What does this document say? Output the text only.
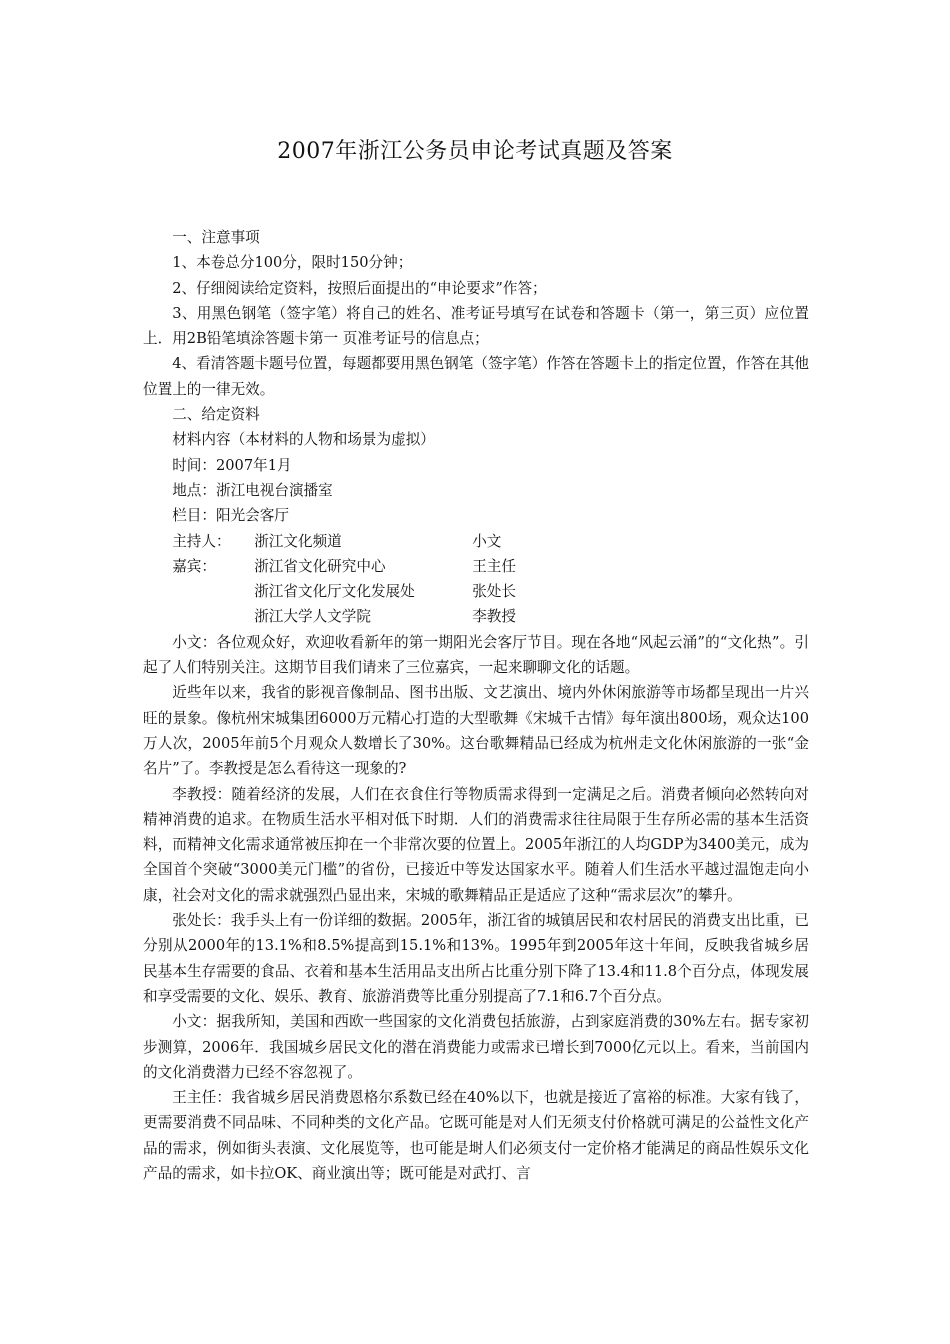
2007年浙江公务员申论考试真题及答案

一、注意事项

1、本卷总分100分，限时150分钟；

2、仔细阅读给定资料，按照后面提出的“申论要求”作答；

3、用黑色钢笔（签字笔）将自己的姓名、准考证号填写在试卷和答题卡（第一，第三页）应位置上．用2B铅笔填涂答题卡第一 页准考证号的信息点；

4、看清答题卡题号位置，每题都要用黑色钢笔（签字笔）作答在答题卡上的指定位置，作答在其他位置上的一律无效。

二、给定资料

材料内容（本材料的人物和场景为虚拟）

时间：2007年1月

地点：浙江电视台演播室

栏目：阳光会客厅

主持人：	浙江文化频道	小文
嘉宾：	浙江省文化研究中心	王主任
浙江省文化厅文化发展处	张处长
浙江大学人文学院	李教授

小文：各位观众好，欢迎收看新年的第一期阳光会客厅节目。现在各地“风起云涌”的“文化热”。引起了人们特别关注。这期节目我们请来了三位嘉宾，一起来聊聊文化的话题。

近些年以来，我省的影视音像制品、图书出版、文艺演出、境内外休闲旅游等市场都呈现出一片兴旺的景象。像杭州宋城集团6000万元精心打造的大型歌舞《宋城千古情》每年演出800场，观众达100万人次，2005年前5个月观众人数增长了30%。这台歌舞精品已经成为杭州走文化休闲旅游的一张“金名片”了。李教授是怎么看待这一现象的?

李教授：随着经济的发展，人们在衣食住行等物质需求得到一定满足之后。消费者倾向必然转向对精神消费的追求。在物质生活水平相对低下时期．人们的消费需求往往局限于生存所必需的基本生活资料，而精神文化需求通常被压抑在一个非常次要的位置上。2005年浙江的人均GDP为3400美元，成为全国首个突破“3000美元门槛”的省份，已接近中等发达国家水平。随着人们生活水平越过温饱走向小康，社会对文化的需求就强烈凸显出来，宋城的歌舞精品正是适应了这种“需求层次”的攀升。

张处长：我手头上有一份详细的数据。2005年，浙江省的城镇居民和农村居民的消费支出比重，已分别从2000年的13.1%和8.5%提高到15.1%和13%。1995年到2005年这十年间，反映我省城乡居民基本生存需要的食品、衣着和基本生活用品支出所占比重分别下降了13.4和11.8个百分点，体现发展和享受需要的文化、娱乐、教育、旅游消费等比重分别提高了7.1和6.7个百分点。

小文：据我所知，美国和西欧一些国家的文化消费包括旅游，占到家庭消费的30%左右。据专家初步测算，2006年．我国城乡居民文化的潜在消费能力或需求已增长到7000亿元以上。看来，当前国内的文化消费潜力已经不容忽视了。

王主任：我省城乡居民消费恩格尔系数已经在40%以下，也就是接近了富裕的标准。大家有钱了，更需要消费不同品味、不同种类的文化产品。它既可能是对人们无须支付价格就可满足的公益性文化产品的需求，例如街头表演、文化展览等，也可能是埘人们必须支付一定价格才能满足的商品性娱乐文化产品的需求，如卡拉OK、商业演出等；既可能是对武打、言
